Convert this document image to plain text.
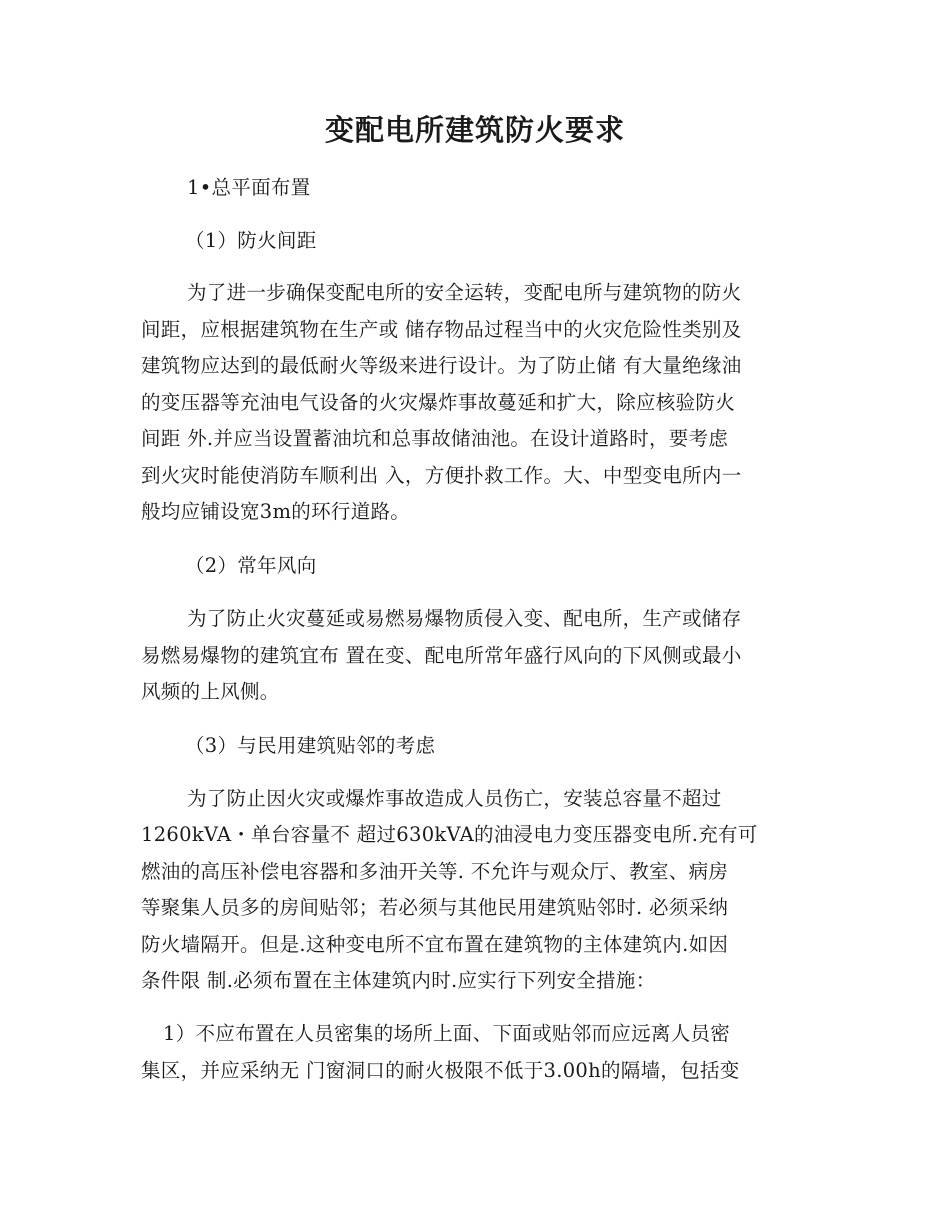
变配电所建筑防火要求
1•总平面布置
（1）防火间距
为了进一步确保变配电所的安全运转，变配电所与建筑物的防火
间距，应根据建筑物在生产或 储存物品过程当中的火灾危险性类别及
建筑物应达到的最低耐火等级来进行设计。为了防止储 有大量绝缘油
的变压器等充油电气设备的火灾爆炸事故蔓延和扩大，除应核验防火
间距 外.并应当设置蓄油坑和总事故储油池。在设计道路时，要考虑
到火灾时能使消防车顺利出 入，方便扑救工作。大、中型变电所内一
般均应铺设宽3m的环行道路。
（2）常年风向
为了防止火灾蔓延或易燃易爆物质侵入变、配电所，生产或储存
易燃易爆物的建筑宜布 置在变、配电所常年盛行风向的下风侧或最小
风频的上风侧。
（3）与民用建筑贴邻的考虑
为了防止因火灾或爆炸事故造成人员伤亡，安装总容量不超过
1260kVA・单台容量不 超过630kVA的油浸电力变压器变电所.充有可
燃油的高压补偿电容器和多油开关等. 不允许与观众厅、教室、病房
等聚集人员多的房间贴邻；若必须与其他民用建筑贴邻时. 必须采纳
防火墙隔开。但是.这种变电所不宜布置在建筑物的主体建筑内.如因
条件限 制.必须布置在主体建筑内时.应实行下列安全措施：
1）不应布置在人员密集的场所上面、下面或贴邻而应远离人员密
集区，并应采纳无 门窗洞口的耐火极限不低于3.00h的隔墙，包括变
